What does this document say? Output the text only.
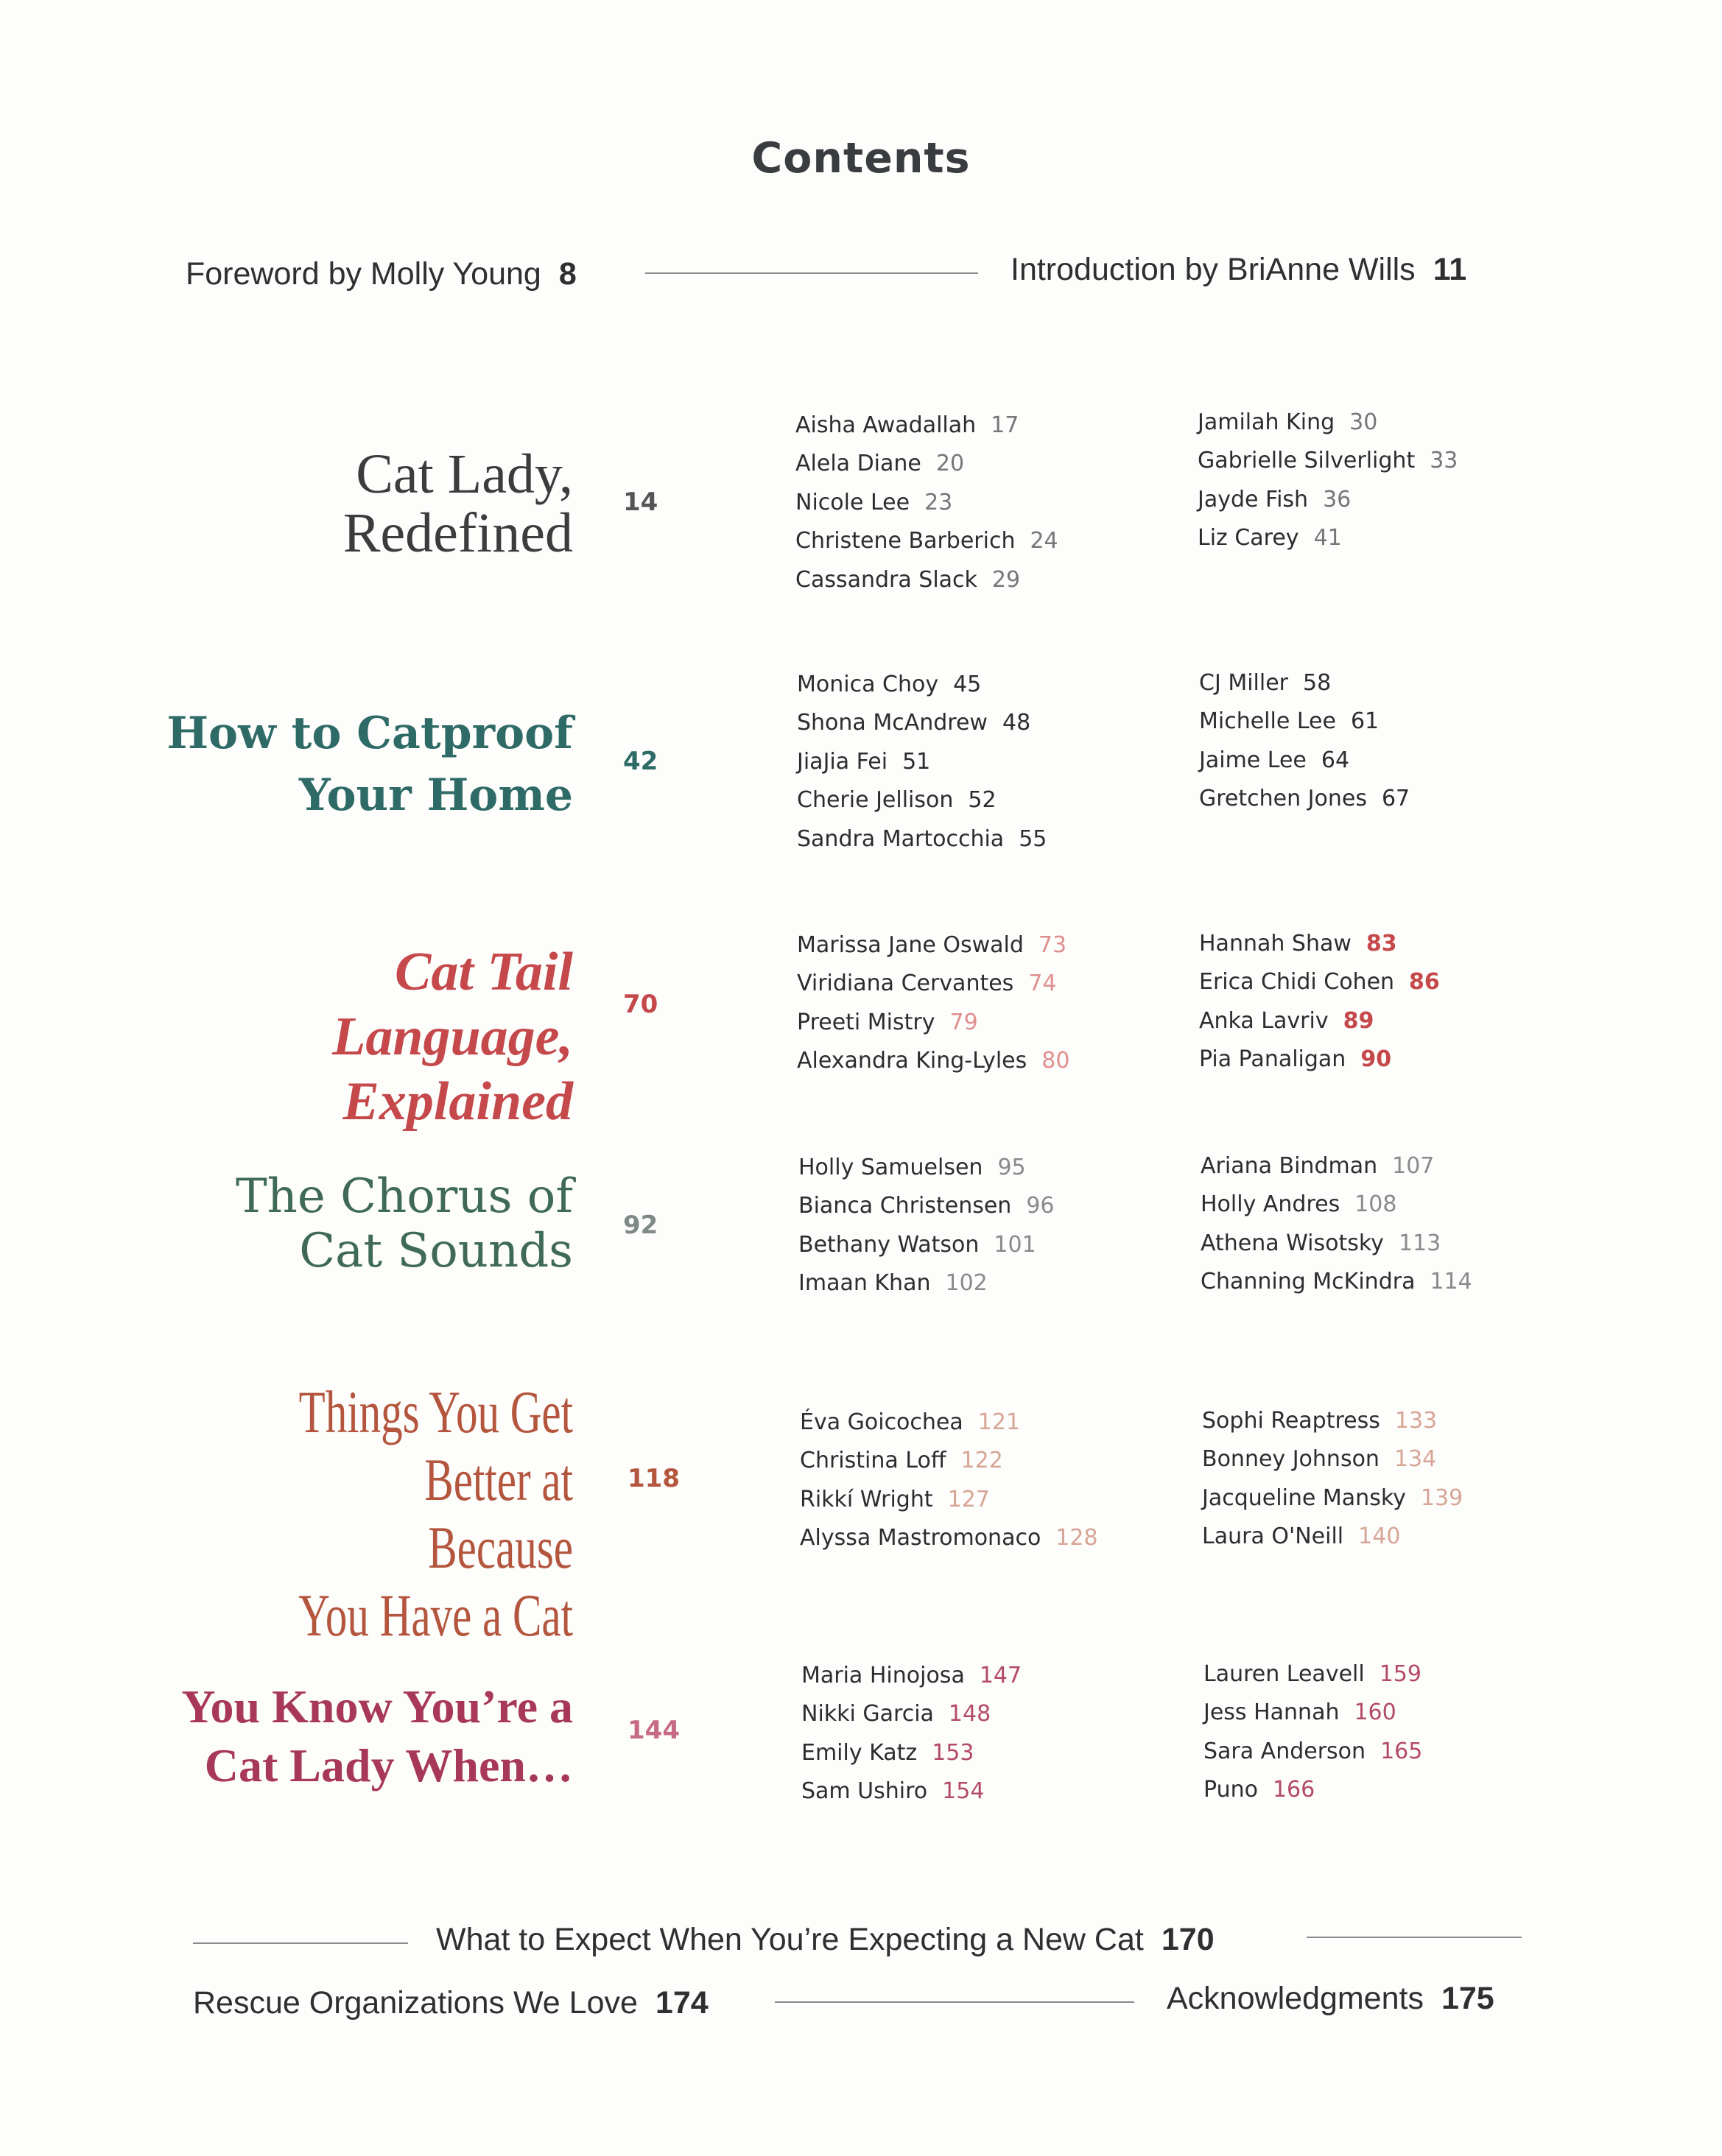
Contents
Foreword by Molly Young 8	Introduction by BriAnne Wills 11
Cat Lady,
Redefined 14
Aisha Awadallah 17
Alela Diane 20
Nicole Lee 23
Christene Barberich 24
Cassandra Slack 29
Jamilah King 30
Gabrielle Silverlight 33
Jayde Fish 36
Liz Carey 41
How to Catproof
Your Home
42
Monica Choy 45
Shona McAndrew 48
JiaJia Fei 51
Cherie Jellison 52
Sandra Martocchia 55
CJ Miller 58
Michelle Lee 61
Jaime Lee 64
Gretchen Jones 67
Cat Tail Language,
Explained
70
Marissa Jane Oswald 73
Viridiana Cervantes 74
Preeti Mistry 79
Alexandra King-Lyles 80
Hannah Shaw 83
Erica Chidi Cohen 86
Anka Lavriv 89
Pia Panaligan 90
The Chorus of
Cat Sounds 92
Holly Samuelsen 95
Bianca Christensen 96
Bethany Watson 101
Imaan Khan 102
Ariana Bindman 107
Holly Andres 108
Athena Wisotsky 113
Channing McKindra 114
Things You Get
Better at Because
You Have a Cat
118
Éva Goicochea 121
Christina Loff 122
Rikkí Wright 127
Alyssa Mastromonaco 128
Sophi Reaptress 133
Bonney Johnson 134
Jacqueline Mansky 139
Laura O'Neill 140
You Know You’re a
Cat Lady When…
144
Maria Hinojosa 147
Nikki Garcia 148
Emily Katz 153
Sam Ushiro 154
Lauren Leavell 159
Jess Hannah 160
Sara Anderson 165
Puno 166
What to Expect When You’re Expecting a New Cat 170
Rescue Organizations We Love 174	Acknowledgments 175
